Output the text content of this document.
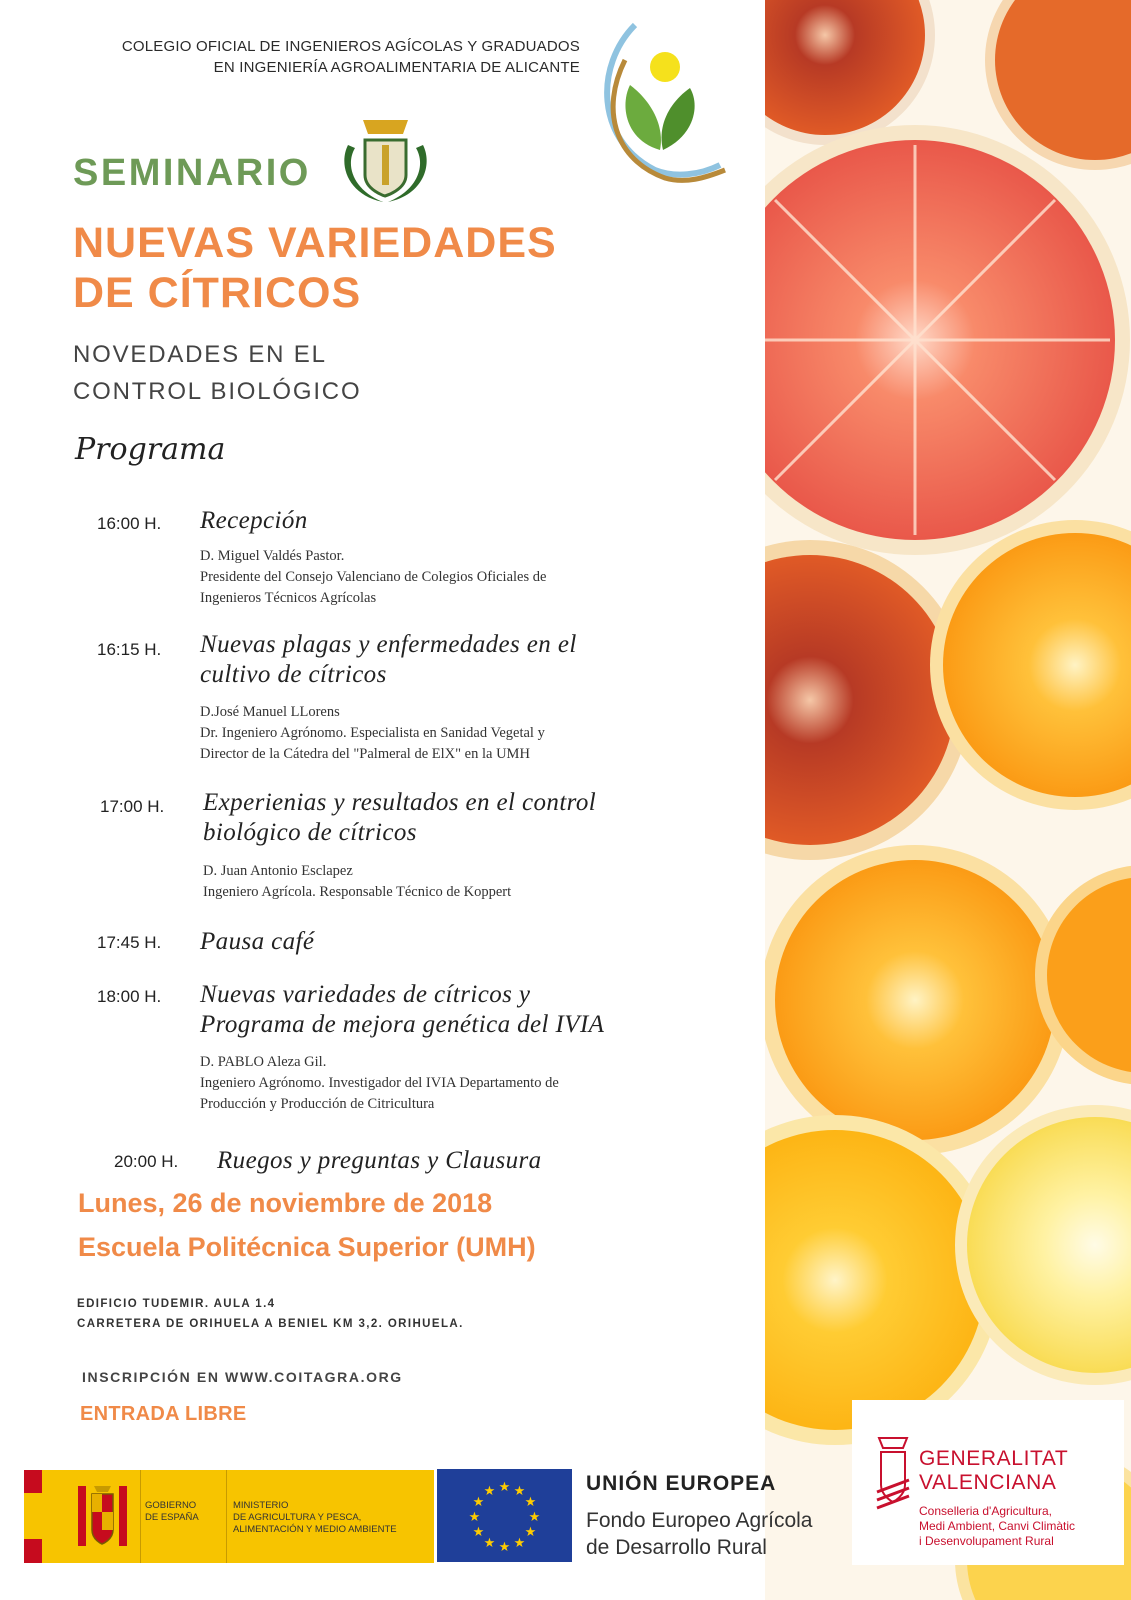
COLEGIO OFICIAL DE INGENIEROS AGÍCOLAS Y GRADUADOS
EN INGENIERÍA AGROALIMENTARIA DE ALICANTE
SEMINARIO
NUEVAS VARIEDADES
DE CÍTRICOS
NOVEDADES EN EL
CONTROL BIOLÓGICO
Programa
16:00 H. Recepción
D. Miguel Valdés Pastor.
Presidente del Consejo Valenciano de Colegios Oficiales de
Ingenieros Técnicos Agrícolas
16:15 H. Nuevas plagas y enfermedades en el
cultivo de cítricos
D.José Manuel LLorens
Dr. Ingeniero Agrónomo. Especialista en Sanidad Vegetal y
Director de la Cátedra del "Palmeral de ElX" en la UMH
17:00 H. Experienias y resultados en el control
biológico de cítricos
D. Juan Antonio Esclapez
Ingeniero Agrícola. Responsable Técnico de Koppert
17:45 H. Pausa café
18:00 H. Nuevas variedades de cítricos y
Programa de mejora genética del IVIA
D. PABLO Aleza Gil.
Ingeniero Agrónomo. Investigador del IVIA Departamento de
Producción y Producción de Citricultura
20:00 H. Ruegos y preguntas y Clausura
Lunes, 26 de noviembre de 2018
Escuela Politécnica Superior (UMH)
EDIFICIO TUDEMIR. AULA 1.4
CARRETERA DE ORIHUELA A BENIEL KM 3,2. ORIHUELA.
INSCRIPCIÓN EN WWW.COITAGRA.ORG
ENTRADA LIBRE
GOBIERNO
DE ESPAÑA
MINISTERIO
DE AGRICULTURA Y PESCA,
ALIMENTACIÓN Y MEDIO AMBIENTE
★ ★
★
★
★
★
★
★
★
★
★
★	UNIÓN EUROPEA
Fondo Europeo Agrícola
de Desarrollo Rural
GENERALITAT
VALENCIANA
Conselleria d'Agricultura,
Medi Ambient, Canvi Climàtic
i Desenvolupament Rural
